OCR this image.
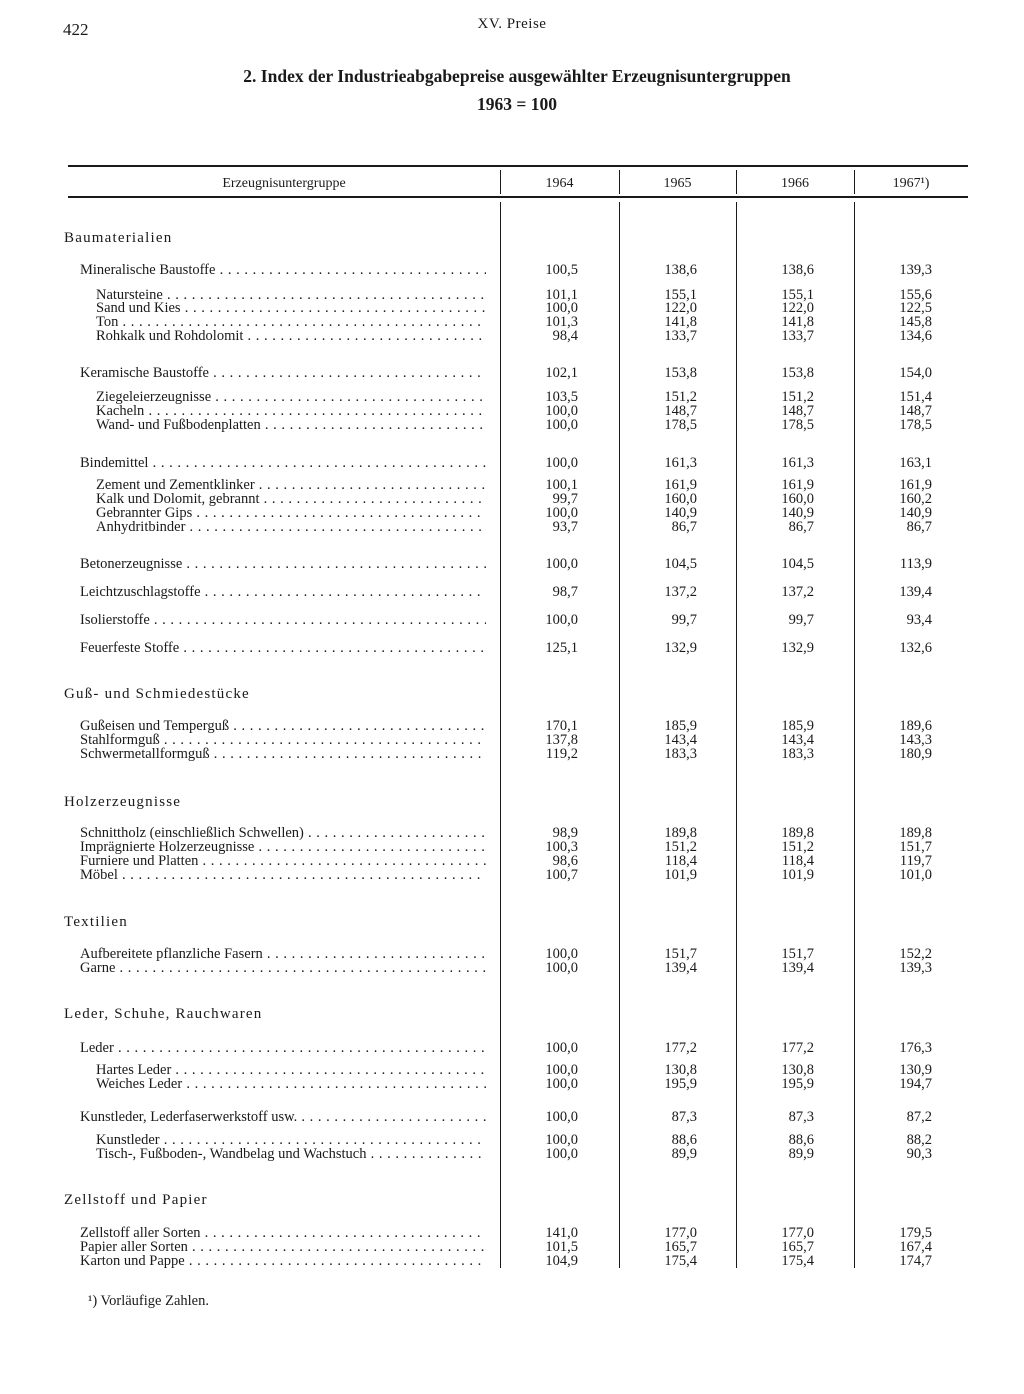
422	XV. Preise
2. Index der Industrieabgabepreise ausgewählter Erzeugnisuntergruppen
1963 = 100
Erzeugnisuntergruppe	1964	1965	1966	1967¹)
Baumaterialien
Mineralische Baustoffe . . .	100,5	138,6	138,6	139,3
Natursteine . . .	101,1	155,1	155,1	155,6
Sand und Kies . . .	100,0	122,0	122,0	122,5
Ton . . .	101,3	141,8	141,8	145,8
Rohkalk und Rohdolomit . . .	98,4	133,7	133,7	134,6
Keramische Baustoffe . . .	102,1	153,8	153,8	154,0
Ziegeleierzeugnisse . . .	103,5	151,2	151,2	151,4
Kacheln . . .	100,0	148,7	148,7	148,7
Wand- und Fußbodenplatten . . .	100,0	178,5	178,5	178,5
Bindemittel . . .	100,0	161,3	161,3	163,1
Zement und Zementklinker . . .	100,1	161,9	161,9	161,9
Kalk und Dolomit, gebrannt . . .	99,7	160,0	160,0	160,2
Gebrannter Gips . . .	100,0	140,9	140,9	140,9
Anhydritbinder . . .	93,7	86,7	86,7	86,7
Betonerzeugnisse . . .	100,0	104,5	104,5	113,9
Leichtzuschlagstoffe . . .	98,7	137,2	137,2	139,4
Isolierstoffe . . .	100,0	99,7	99,7	93,4
Feuerfeste Stoffe . . .	125,1	132,9	132,9	132,6
Guß- und Schmiedestücke
Gußeisen und Temperguß . . .	170,1	185,9	185,9	189,6
Stahlformguß . . .	137,8	143,4	143,4	143,3
Schwermetallformguß . . .	119,2	183,3	183,3	180,9
Holzerzeugnisse
Schnittholz (einschließlich Schwellen) . . .	98,9	189,8	189,8	189,8
Imprägnierte Holzerzeugnisse . . .	100,3	151,2	151,2	151,7
Furniere und Platten . . .	98,6	118,4	118,4	119,7
Möbel . . .	100,7	101,9	101,9	101,0
Textilien
Aufbereitete pflanzliche Fasern . . .	100,0	151,7	151,7	152,2
Garne . . .	100,0	139,4	139,4	139,3
Leder, Schuhe, Rauchwaren
Leder . . .	100,0	177,2	177,2	176,3
Hartes Leder . . .	100,0	130,8	130,8	130,9
Weiches Leder . . .	100,0	195,9	195,9	194,7
Kunstleder, Lederfaserwerkstoff usw. . . .	100,0	87,3	87,3	87,2
Kunstleder . . .	100,0	88,6	88,6	88,2
Tisch-, Fußboden-, Wandbelag und Wachstuch . . .	100,0	89,9	89,9	90,3
Zellstoff und Papier
Zellstoff aller Sorten . . .	141,0	177,0	177,0	179,5
Papier aller Sorten . . .	101,5	165,7	165,7	167,4
Karton und Pappe . . .	104,9	175,4	175,4	174,7
¹) Vorläufige Zahlen.
